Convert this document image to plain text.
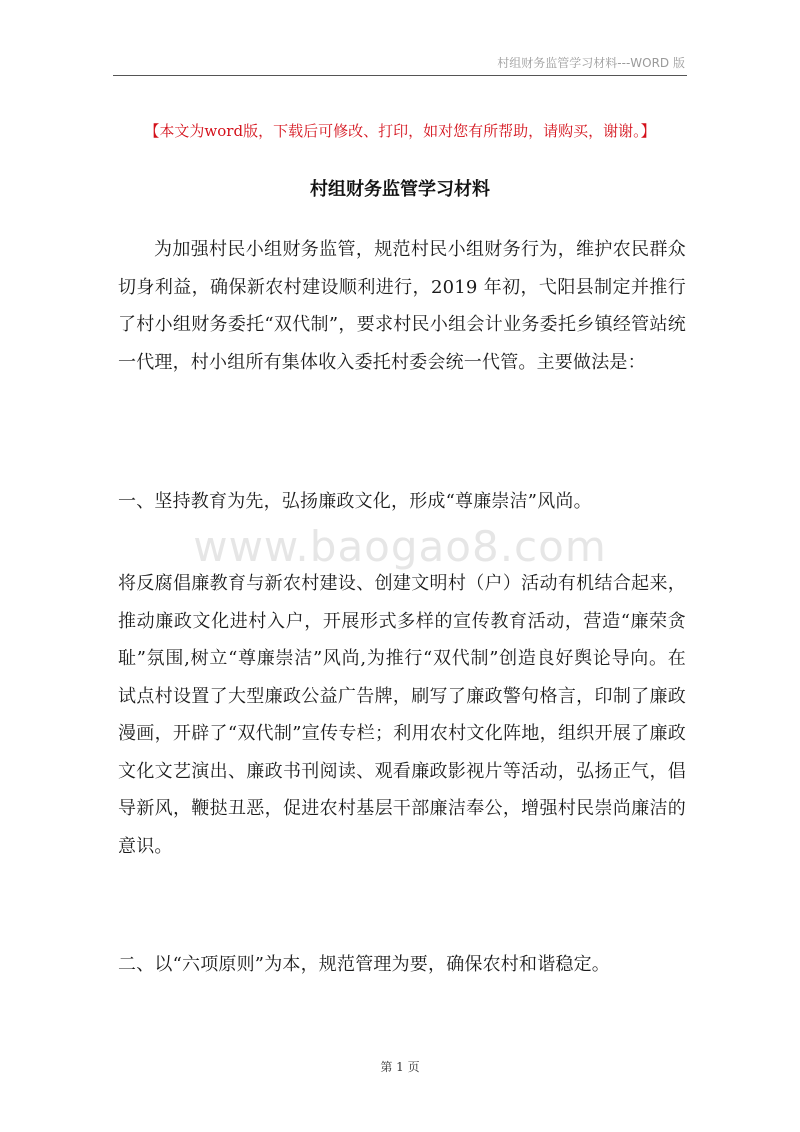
村组财务监管学习材料---WORD 版
【本文为word版，下载后可修改、打印，如对您有所帮助，请购买，谢谢。】
村组财务监管学习材料
为加强村民小组财务监管，规范村民小组财务行为，维护农民群众切身利益，确保新农村建设顺利进行，2019 年初，弋阳县制定并推行了村小组财务委托“双代制”，要求村民小组会计业务委托乡镇经管站统一代理，村小组所有集体收入委托村委会统一代管。主要做法是：
一、坚持教育为先，弘扬廉政文化，形成“尊廉崇洁”风尚。
www.baogao8.com
将反腐倡廉教育与新农村建设、创建文明村（户）活动有机结合起来，推动廉政文化进村入户，开展形式多样的宣传教育活动，营造“廉荣贪耻”氛围,树立“尊廉崇洁”风尚,为推行“双代制”创造良好舆论导向。在试点村设置了大型廉政公益广告牌，刷写了廉政警句格言，印制了廉政漫画，开辟了“双代制”宣传专栏；利用农村文化阵地，组织开展了廉政文化文艺演出、廉政书刊阅读、观看廉政影视片等活动，弘扬正气，倡导新风，鞭挞丑恶，促进农村基层干部廉洁奉公，增强村民崇尚廉洁的意识。
二、以“六项原则”为本，规范管理为要，确保农村和谐稳定。
第 1 页
